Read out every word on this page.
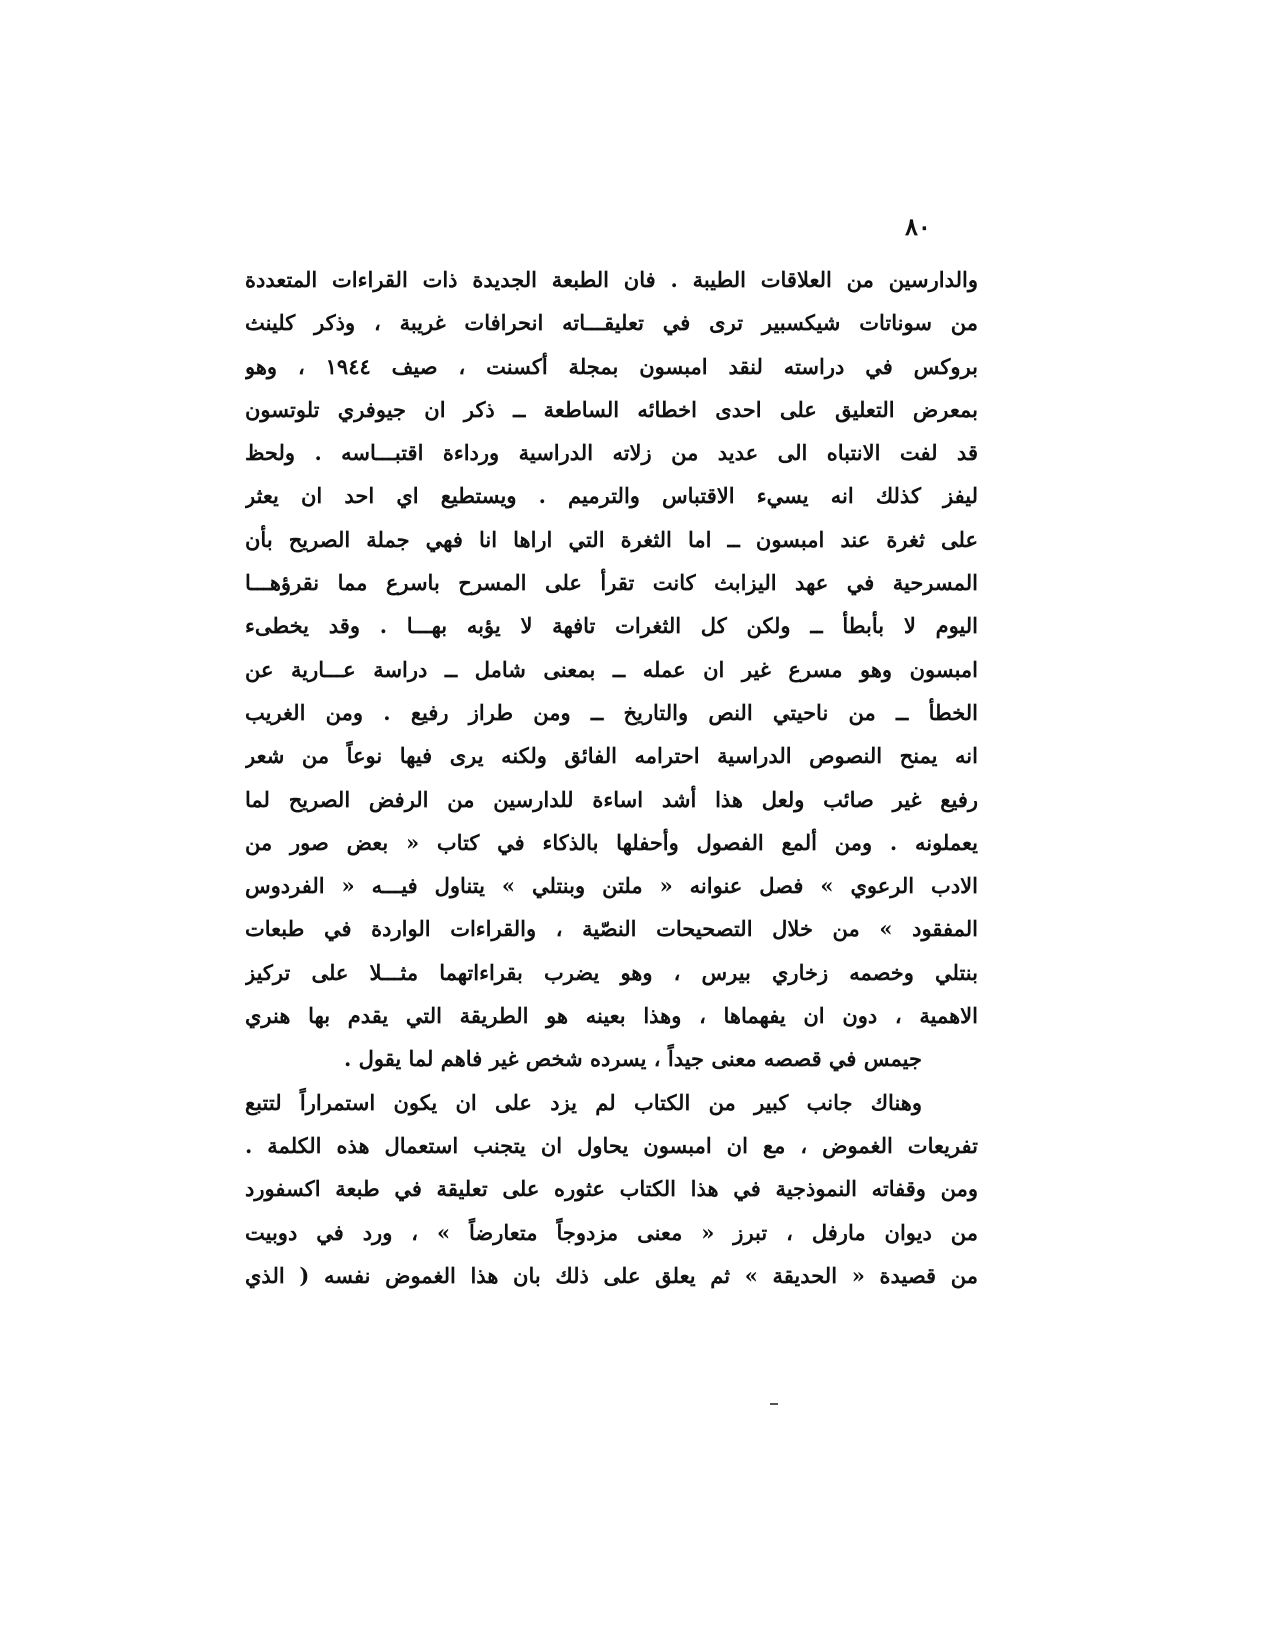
٨٠
والدارسين من العلاقات الطيبة . فان الطبعة الجديدة ذات القراءات المتعددة
من سوناتات شيكسبير ترى في تعليقـــاته انحرافات غريبة ، وذكر كلينث
بروكس في دراسته لنقد امبسون بمجلة أكسنت ، صيف ١٩٤٤ ، وهو
بمعرض التعليق على احدى اخطائه الساطعة ــ ذكر ان جيوفري تلوتسون
قد لفت الانتباه الى عديد من زلاته الدراسية ورداءة اقتبـــاسه . ولحظ
ليفز كذلك انه يسيء الاقتباس والترميم . ويستطيع اي احد ان يعثر
على ثغرة عند امبسون ــ اما الثغرة التي اراها انا فهي جملة الصريح بأن
المسرحية في عهد اليزابث كانت تقرأ على المسرح باسرع مما نقرؤهـــا
اليوم لا بأبطأ ــ ولكن كل الثغرات تافهة لا يؤبه بهـــا . وقد يخطىء
امبسون وهو مسرع غير ان عمله ــ بمعنى شامل ــ دراسة عـــارية عن
الخطأ ــ من ناحيتي النص والتاريخ ــ ومن طراز رفيع . ومن الغريب
انه يمنح النصوص الدراسية احترامه الفائق ولكنه يرى فيها نوعاً من شعر
رفيع غير صائب ولعل هذا أشد اساءة للدارسين من الرفض الصريح لما
يعملونه . ومن ألمع الفصول وأحفلها بالذكاء في كتاب « بعض صور من
الادب الرعوي » فصل عنوانه « ملتن وبنتلي » يتناول فيـــه « الفردوس
المفقود » من خلال التصحيحات النصّية ، والقراءات الواردة في طبعات
بنتلي وخصمه زخاري بيرس ، وهو يضرب بقراءاتهما مثـــلا على تركيز
الاهمية ، دون ان يفهماها ، وهذا بعينه هو الطريقة التي يقدم بها هنري
جيمس في قصصه معنى جيداً ، يسرده شخص غير فاهم لما يقول .
وهناك جانب كبير من الكتاب لم يزد على ان يكون استمراراً لتتبع
تفريعات الغموض ، مع ان امبسون يحاول ان يتجنب استعمال هذه الكلمة .
ومن وقفاته النموذجية في هذا الكتاب عثوره على تعليقة في طبعة اكسفورد
من ديوان مارفل ، تبرز « معنى مزدوجاً متعارضاً » ، ورد في دوبيت
من قصيدة « الحديقة » ثم يعلق على ذلك بان هذا الغموض نفسه ( الذي
